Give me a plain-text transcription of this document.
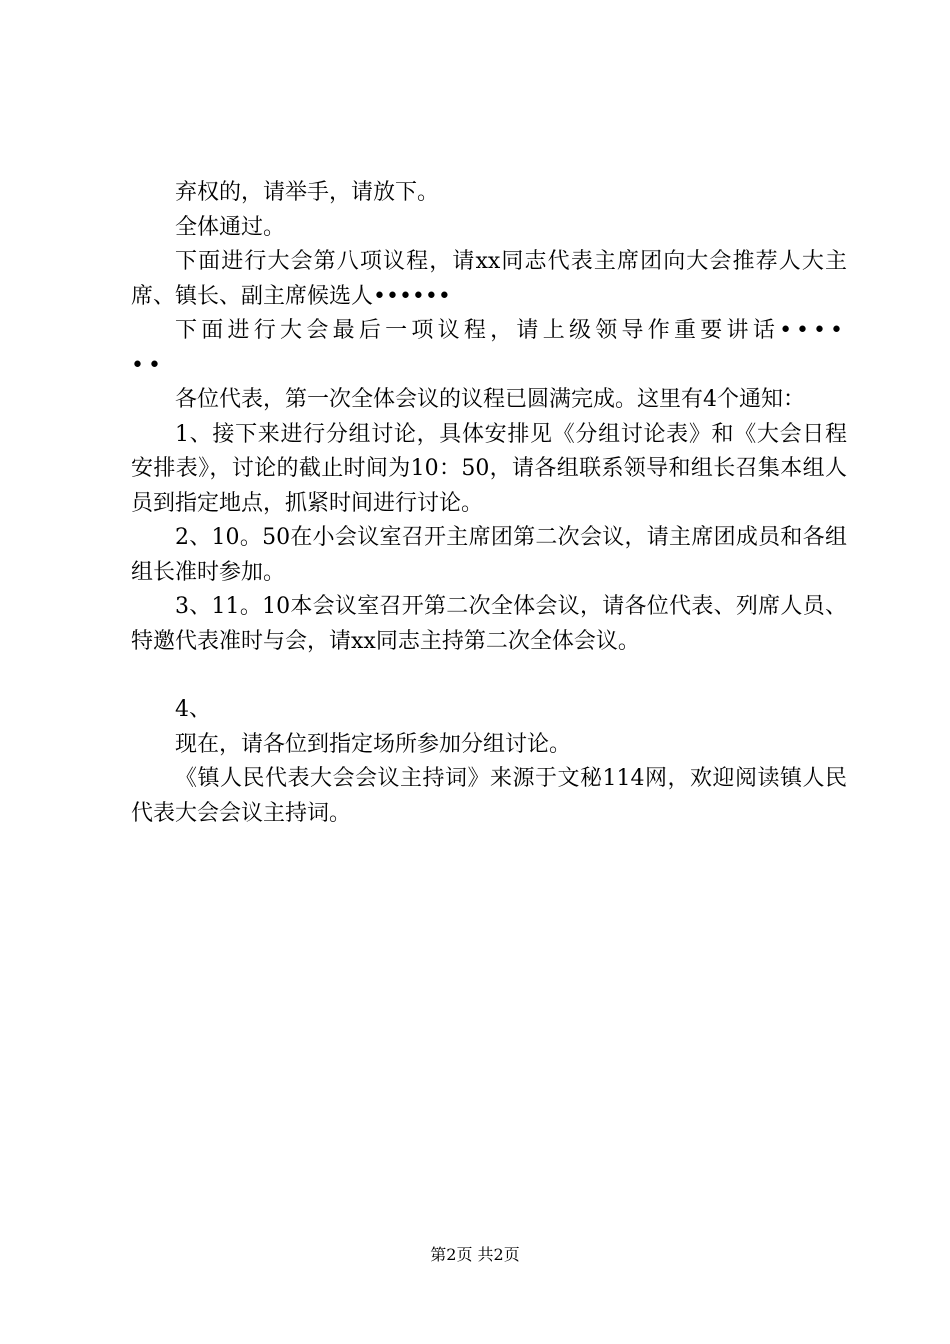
弃权的，请举手，请放下。

全体通过。

下面进行大会第八项议程，请xx同志代表主席团向大会推荐人大主席、镇长、副主席候选人••••••

下面进行大会最后一项议程，请上级领导作重要讲话••••••

各位代表，第一次全体会议的议程已圆满完成。这里有4个通知：

1、接下来进行分组讨论，具体安排见《分组讨论表》和《大会日程安排表》，讨论的截止时间为10：50，请各组联系领导和组长召集本组人员到指定地点，抓紧时间进行讨论。

2、10。50在小会议室召开主席团第二次会议，请主席团成员和各组组长准时参加。

3、11。10本会议室召开第二次全体会议，请各位代表、列席人员、特邀代表准时与会，请xx同志主持第二次全体会议。

4、

现在，请各位到指定场所参加分组讨论。

《镇人民代表大会会议主持词》来源于文秘114网，欢迎阅读镇人民代表大会会议主持词。

第2页 共2页
